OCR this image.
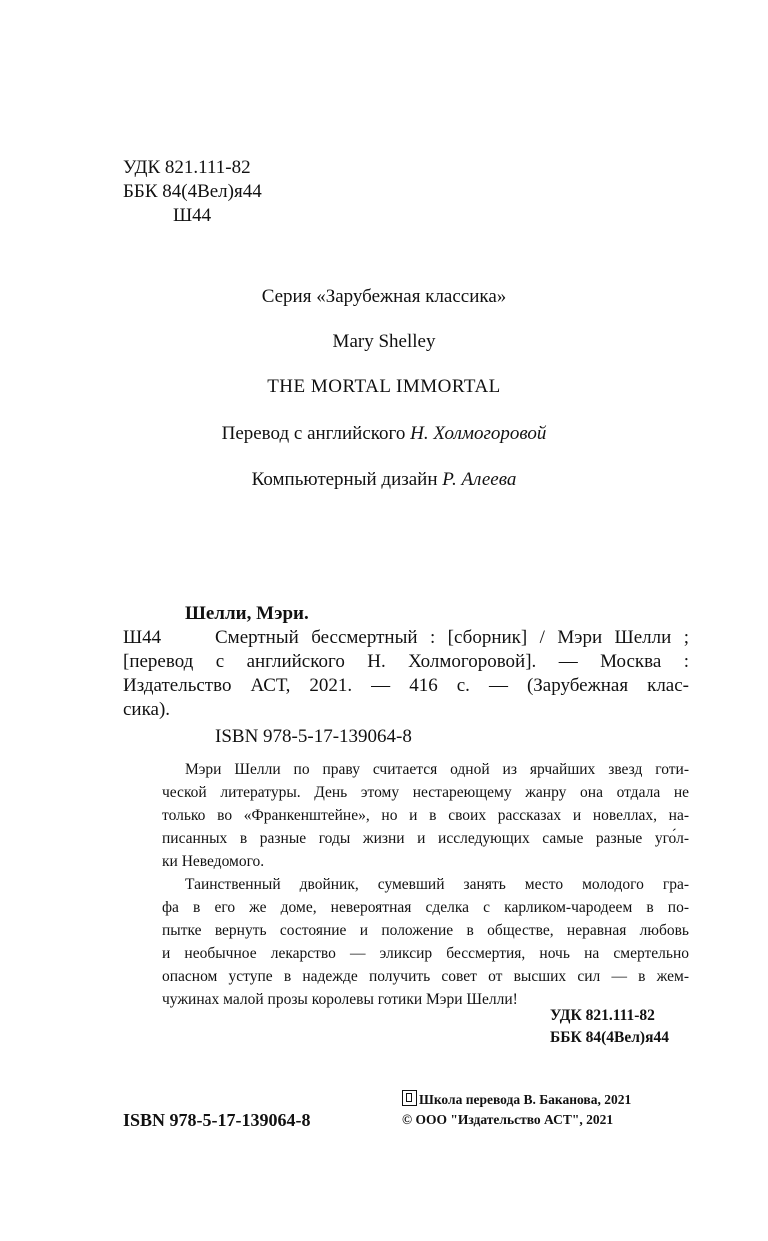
УДК 821.111-82
ББК 84(4Вел)я44
Ш44
Серия «Зарубежная классика»
Mary Shelley
THE MORTAL IMMORTAL
Перевод с английского Н. Холмогоровой
Компьютерный дизайн Р. Алеева
Шелли, Мэри.
Ш44	Смертный бессмертный : [сборник] / Мэри Шелли ;
[перевод с английского Н. Холмогоровой]. — Москва :
Издательство АСТ, 2021. — 416 с. — (Зарубежная клас-
сика).
ISBN 978-5-17-139064-8
Мэри Шелли по праву считается одной из ярчайших звезд готи-
ческой литературы. День этому нестареющему жанру она отдала не
только во «Франкенштейне», но и в своих рассказах и новеллах, на-
писанных в разные годы жизни и исследующих самые разные уго́л-
ки Неведомого.
Таинственный двойник, сумевший занять место молодого гра-
фа в его же доме, невероятная сделка с карликом-чародеем в по-
пытке вернуть состояние и положение в обществе, неравная любовь
и необычное лекарство — эликсир бессмертия, ночь на смертельно
опасном уступе в надежде получить совет от высших сил — в жем-
чужинах малой прозы королевы готики Мэри Шелли!
УДК 821.111-82
ББК 84(4Вел)я44
ISBN 978-5-17-139064-8
Школа перевода В. Баканова, 2021
© ООО "Издательство АСТ", 2021
